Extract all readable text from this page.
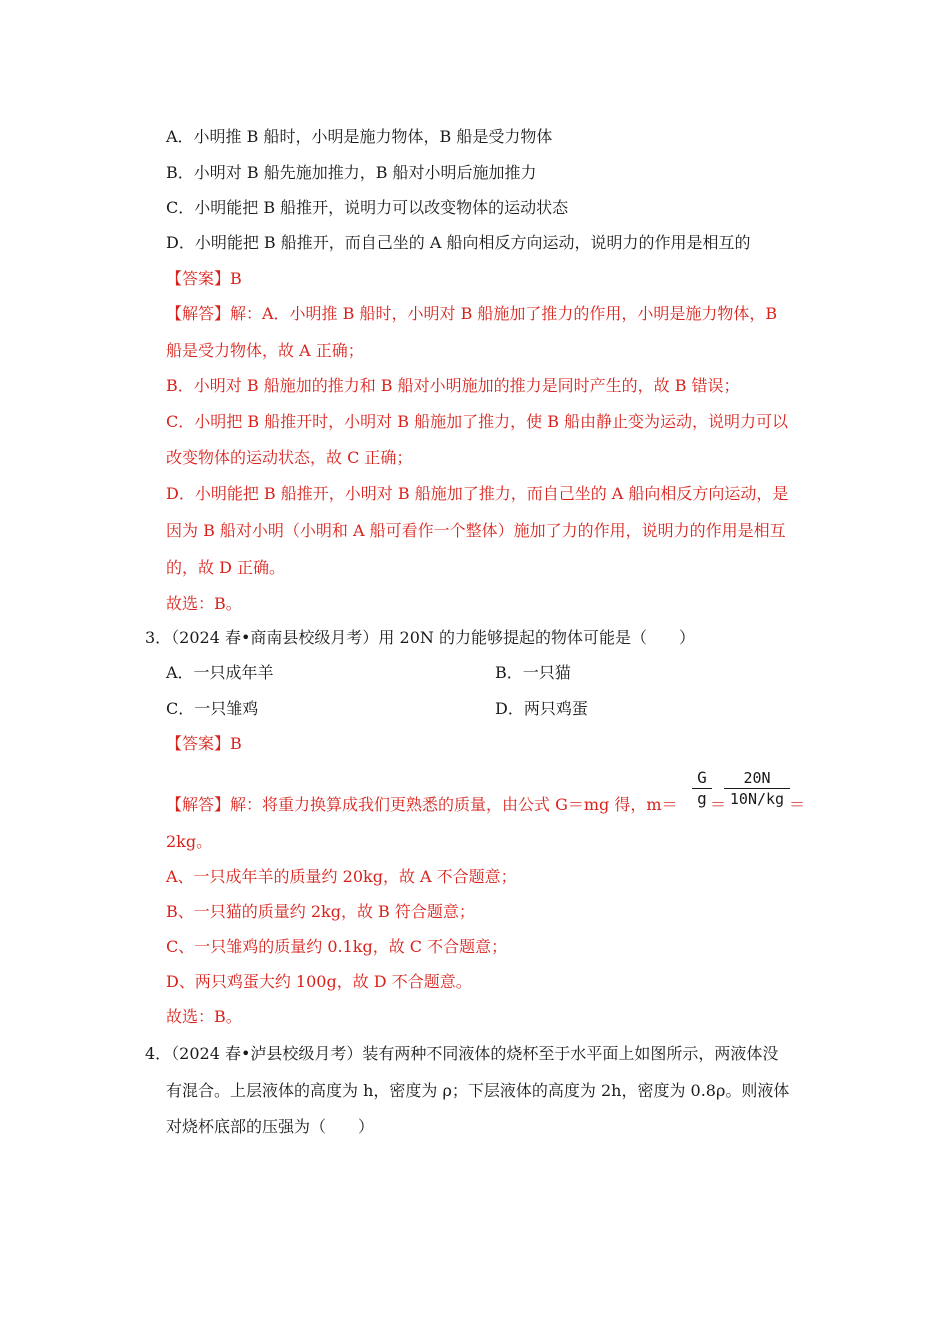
A．小明推 B 船时，小明是施力物体，B 船是受力物体
B．小明对 B 船先施加推力，B 船对小明后施加推力
C．小明能把 B 船推开，说明力可以改变物体的运动状态
D．小明能把 B 船推开，而自己坐的 A 船向相反方向运动，说明力的作用是相互的
【答案】B
【解答】解：A．小明推 B 船时，小明对 B 船施加了推力的作用，小明是施力物体，B
船是受力物体，故 A 正确；
B．小明对 B 船施加的推力和 B 船对小明施加的推力是同时产生的，故 B 错误；
C．小明把 B 船推开时，小明对 B 船施加了推力，使 B 船由静止变为运动，说明力可以
改变物体的运动状态，故 C 正确；
D．小明能把 B 船推开，小明对 B 船施加了推力，而自己坐的 A 船向相反方向运动，是
因为 B 船对小明（小明和 A 船可看作一个整体）施加了力的作用，说明力的作用是相互
的，故 D 正确。
故选：B。
3．（2024 春•商南县校级月考）用 20N 的力能够提起的物体可能是（　　）
A．一只成年羊	B．一只猫
C．一只雏鸡	D．两只鸡蛋
【答案】B
【解答】解：将重力换算成我们更熟悉的质量，由公式 G＝mg 得，m＝
G
g ＝
20N
10N/kg ＝
2kg。
A、一只成年羊的质量约 20kg，故 A 不合题意；
B、一只猫的质量约 2kg，故 B 符合题意；
C、一只雏鸡的质量约 0.1kg，故 C 不合题意；
D、两只鸡蛋大约 100g，故 D 不合题意。
故选：B。
4．（2024 春•泸县校级月考）装有两种不同液体的烧杯至于水平面上如图所示，两液体没
有混合。上层液体的高度为 h，密度为 ρ；下层液体的高度为 2h，密度为 0.8ρ。则液体
对烧杯底部的压强为（　　）
